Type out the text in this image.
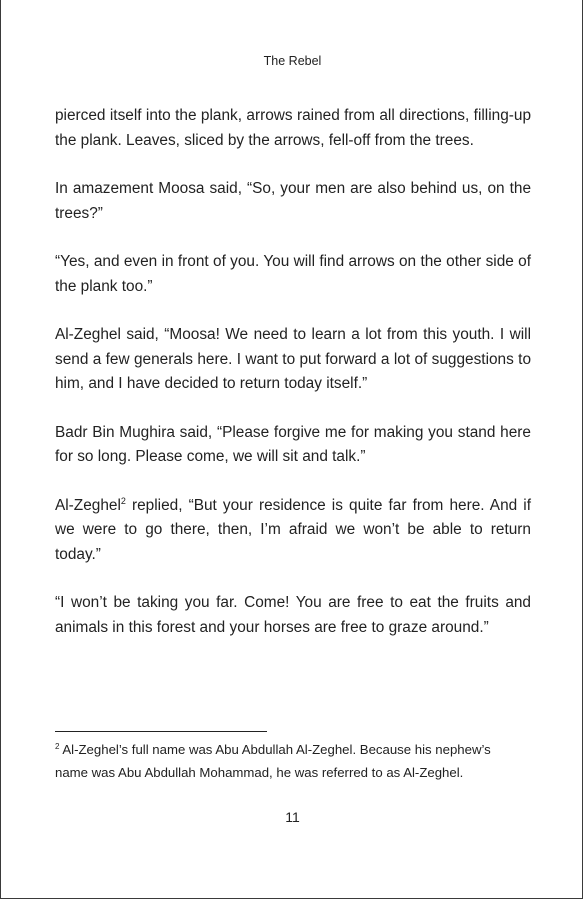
The Rebel

pierced itself into the plank, arrows rained from all directions, filling-up the plank. Leaves, sliced by the arrows, fell-off from the trees.

In amazement Moosa said, “So, your men are also behind us, on the trees?”

“Yes, and even in front of you. You will find arrows on the other side of the plank too.”

Al-Zeghel said, “Moosa! We need to learn a lot from this youth. I will send a few generals here. I want to put forward a lot of suggestions to him, and I have decided to return today itself.”

Badr Bin Mughira said, “Please forgive me for making you stand here for so long. Please come, we will sit and talk.”

Al-Zeghel$^2$ replied, “But your residence is quite far from here. And if we were to go there, then, I’m afraid we won’t be able to return today.”

“I won’t be taking you far. Come! You are free to eat the fruits and animals in this forest and your horses are free to graze around.”

$^2$ Al-Zeghel’s full name was Abu Abdullah Al-Zeghel. Because his nephew’s name was Abu Abdullah Mohammad, he was referred to as Al-Zeghel.
11
